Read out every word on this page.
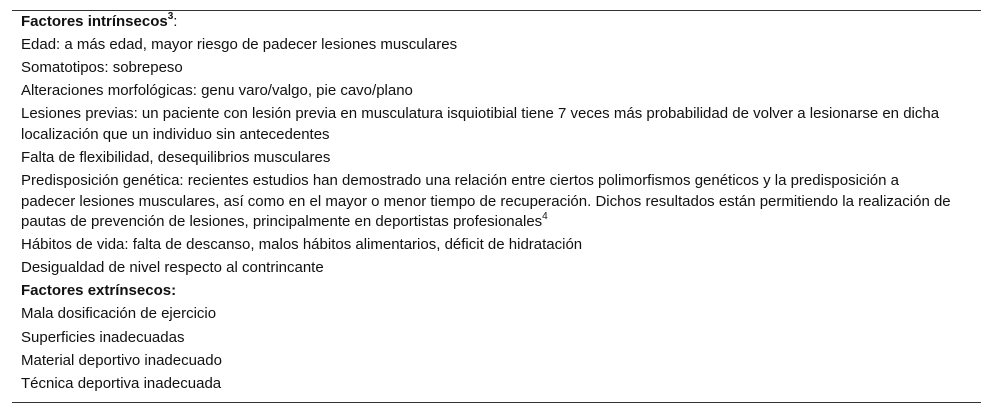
Factores intrínsecos$^3$:
Edad: a más edad, mayor riesgo de padecer lesiones musculares
Somatotipos: sobrepeso
Alteraciones morfológicas: genu varo/valgo, pie cavo/plano
Lesiones previas: un paciente con lesión previa en musculatura isquiotibial tiene 7 veces más probabilidad de volver a lesionarse en dicha localización que un individuo sin antecedentes
Falta de flexibilidad, desequilibrios musculares
Predisposición genética: recientes estudios han demostrado una relación entre ciertos polimorfismos genéticos y la predisposición a padecer lesiones musculares, así como en el mayor o menor tiempo de recuperación. Dichos resultados están permitiendo la realización de pautas de prevención de lesiones, principalmente en deportistas profesionales$^4$
Hábitos de vida: falta de descanso, malos hábitos alimentarios, déficit de hidratación
Desigualdad de nivel respecto al contrincante
Factores extrínsecos:
Mala dosificación de ejercicio
Superficies inadecuadas
Material deportivo inadecuado
Técnica deportiva inadecuada
